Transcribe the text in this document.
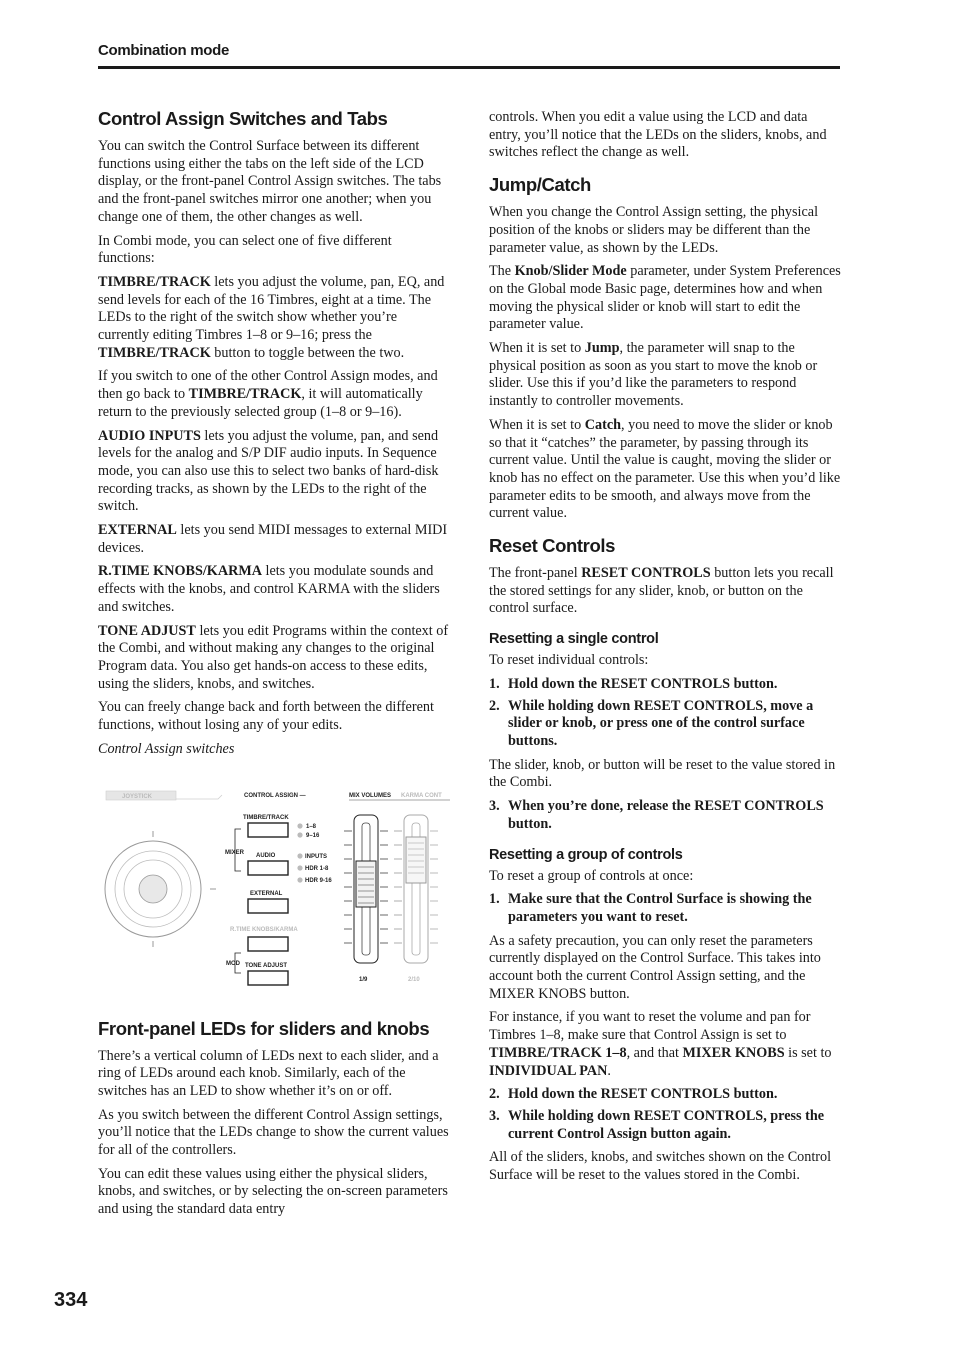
Combination mode
Control Assign Switches and Tabs

You can switch the Control Surface between its different functions using either the tabs on the left side of the LCD display, or the front-panel Control Assign switches. The tabs and the front-panel switches mirror one another; when you change one of them, the other changes as well.

In Combi mode, you can select one of five different functions:

TIMBRE/TRACK lets you adjust the volume, pan, EQ, and send levels for each of the 16 Timbres, eight at a time. The LEDs to the right of the switch show whether you’re currently editing Timbres 1–8 or 9–16; press the TIMBRE/TRACK button to toggle between the two.

If you switch to one of the other Control Assign modes, and then go back to TIMBRE/TRACK, it will automatically return to the previously selected group (1–8 or 9–16).

AUDIO INPUTS lets you adjust the volume, pan, and send levels for the analog and S/P DIF audio inputs. In Sequence mode, you can also use this to select two banks of hard-disk recording tracks, as shown by the LEDs to the right of the switch.

EXTERNAL lets you send MIDI messages to external MIDI devices.

R.TIME KNOBS/KARMA lets you modulate sounds and effects with the knobs, and control KARMA with the sliders and switches.

TONE ADJUST lets you edit Programs within the context of the Combi, and without making any changes to the original Program data. You also get hands-on access to these edits, using the sliders, knobs, and switches.

You can freely change back and forth between the different functions, without losing any of your edits.

Control Assign switches

JOYSTICK	CONTROL ASSIGN —
TIMBRE/TRACK
1–8
9–16
MIXER AUDIO	INPUTS
HDR 1-8
HDR 9-16
EXTERNAL
R.TIME KNOBS/KARMA
MOD TONE ADJUST
MIX VOLUMES KARMA CONT
1/9	2/10
Front-panel LEDs for sliders and knobs

There’s a vertical column of LEDs next to each slider, and a ring of LEDs around each knob. Similarly, each of the switches has an LED to show whether it’s on or off.

As you switch between the different Control Assign settings, you’ll notice that the LEDs change to show the current values for all of the controllers.

You can edit these values using either the physical sliders, knobs, and switches, or by selecting the on-screen parameters and using the standard data entry

controls. When you edit a value using the LCD and data entry, you’ll notice that the LEDs on the sliders, knobs, and switches reflect the change as well.

Jump/Catch

When you change the Control Assign setting, the physical position of the knobs or sliders may be different than the parameter value, as shown by the LEDs.

The Knob/Slider Mode parameter, under System Preferences on the Global mode Basic page, determines how and when moving the physical slider or knob will start to edit the parameter value.

When it is set to Jump, the parameter will snap to the physical position as soon as you start to move the knob or slider. Use this if you’d like the parameters to respond instantly to controller movements.

When it is set to Catch, you need to move the slider or knob so that it “catches” the parameter, by passing through its current value. Until the value is caught, moving the slider or knob has no effect on the parameter. Use this when you’d like parameter edits to be smooth, and always move from the current value.

Reset Controls

The front-panel RESET CONTROLS button lets you recall the stored settings for any slider, knob, or button on the control surface.

Resetting a single control

To reset individual controls:

1. Hold down the RESET CONTROLS button.
2. While holding down RESET CONTROLS, move a slider or knob, or press one of the control surface buttons.

The slider, knob, or button will be reset to the value stored in the Combi.

3. When you’re done, release the RESET CONTROLS button.
Resetting a group of controls

To reset a group of controls at once:

1. Make sure that the Control Surface is showing the parameters you want to reset.

As a safety precaution, you can only reset the parameters currently displayed on the Control Surface. This takes into account both the current Control Assign setting, and the MIXER KNOBS button.

For instance, if you want to reset the volume and pan for Timbres 1–8, make sure that Control Assign is set to TIMBRE/TRACK 1–8, and that MIXER KNOBS is set to INDIVIDUAL PAN.

2. Hold down the RESET CONTROLS button.
3. While holding down RESET CONTROLS, press the current Control Assign button again.

All of the sliders, knobs, and switches shown on the Control Surface will be reset to the values stored in the Combi.

334
